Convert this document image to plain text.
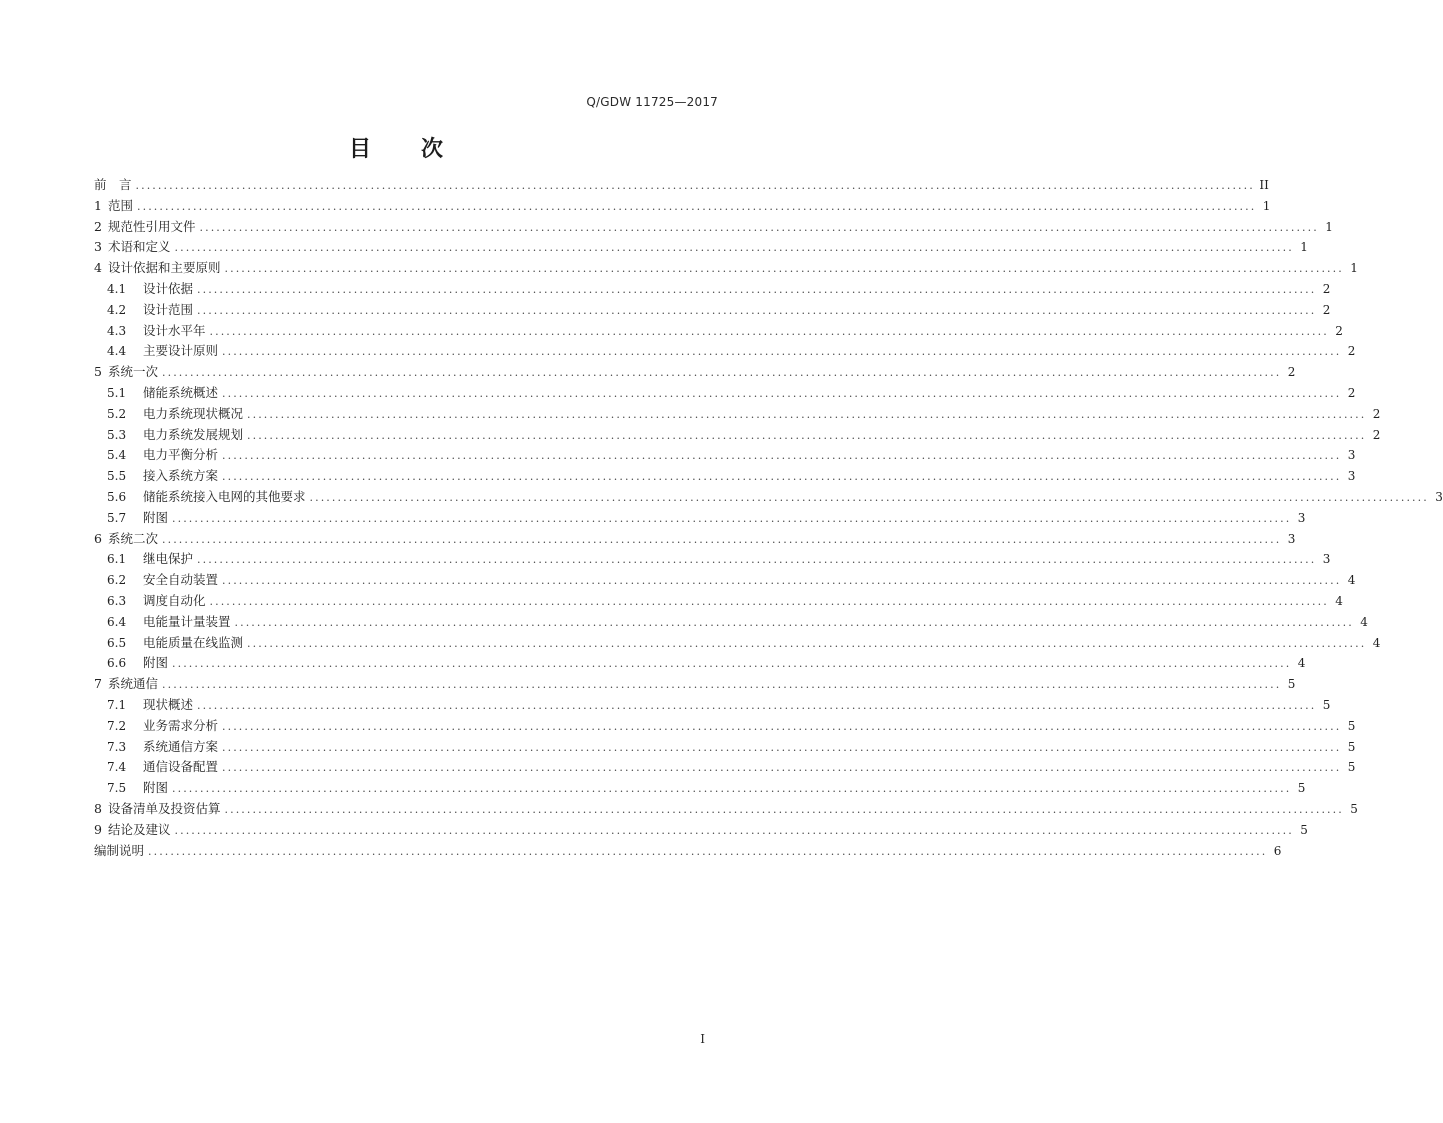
Q/GDW 11725—2017
目　　次
前　言 ........................................................................................................................................................................................................ II
1 范围 ........................................................................................................................................................................................................ 1
2 规范性引用文件 ........................................................................................................................................................................................................ 1
3 术语和定义 ........................................................................................................................................................................................................ 1
4 设计依据和主要原则 ........................................................................................................................................................................................................ 1
4.1	设计依据 ........................................................................................................................................................................................................ 2
4.2	设计范围 ........................................................................................................................................................................................................ 2
4.3	设计水平年 ........................................................................................................................................................................................................ 2
4.4	主要设计原则 ........................................................................................................................................................................................................ 2
5 系统一次 ........................................................................................................................................................................................................ 2
5.1	储能系统概述 ........................................................................................................................................................................................................ 2
5.2	电力系统现状概况 ........................................................................................................................................................................................................ 2
5.3	电力系统发展规划 ........................................................................................................................................................................................................ 2
5.4	电力平衡分析 ........................................................................................................................................................................................................ 3
5.5	接入系统方案 ........................................................................................................................................................................................................ 3
5.6	储能系统接入电网的其他要求 ........................................................................................................................................................................................................ 3
5.7	附图 ........................................................................................................................................................................................................ 3
6 系统二次 ........................................................................................................................................................................................................ 3
6.1	继电保护 ........................................................................................................................................................................................................ 3
6.2	安全自动装置 ........................................................................................................................................................................................................ 4
6.3	调度自动化 ........................................................................................................................................................................................................ 4
6.4	电能量计量装置 ........................................................................................................................................................................................................ 4
6.5	电能质量在线监测 ........................................................................................................................................................................................................ 4
6.6	附图 ........................................................................................................................................................................................................ 4
7 系统通信 ........................................................................................................................................................................................................ 5
7.1	现状概述 ........................................................................................................................................................................................................ 5
7.2	业务需求分析 ........................................................................................................................................................................................................ 5
7.3	系统通信方案 ........................................................................................................................................................................................................ 5
7.4	通信设备配置 ........................................................................................................................................................................................................ 5
7.5	附图 ........................................................................................................................................................................................................ 5
8 设备清单及投资估算 ........................................................................................................................................................................................................ 5
9 结论及建议 ........................................................................................................................................................................................................ 5
编制说明 ........................................................................................................................................................................................................ 6
I
